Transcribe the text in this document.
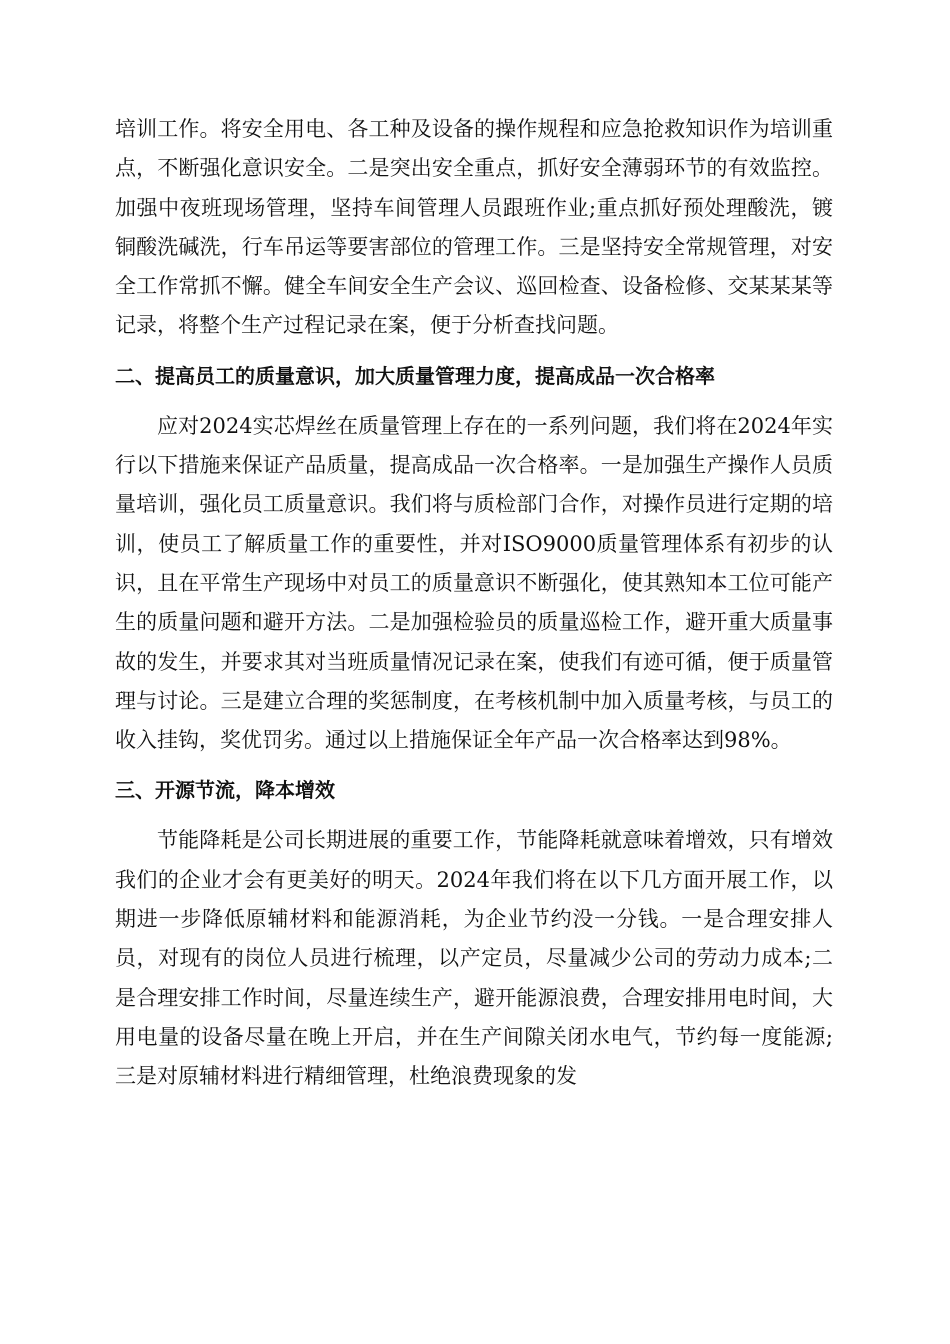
培训工作。将安全用电、各工种及设备的操作规程和应急抢救知识作为培训重点，不断强化意识安全。二是突出安全重点，抓好安全薄弱环节的有效监控。加强中夜班现场管理，坚持车间管理人员跟班作业;重点抓好预处理酸洗，镀铜酸洗碱洗，行车吊运等要害部位的管理工作。三是坚持安全常规管理，对安全工作常抓不懈。健全车间安全生产会议、巡回检查、设备检修、交某某某等记录，将整个生产过程记录在案，便于分析查找问题。

二、提高员工的质量意识，加大质量管理力度，提高成品一次合格率

应对2024实芯焊丝在质量管理上存在的一系列问题，我们将在2024年实行以下措施来保证产品质量，提高成品一次合格率。一是加强生产操作人员质量培训，强化员工质量意识。我们将与质检部门合作，对操作员进行定期的培训，使员工了解质量工作的重要性，并对ISO9000质量管理体系有初步的认识，且在平常生产现场中对员工的质量意识不断强化，使其熟知本工位可能产生的质量问题和避开方法。二是加强检验员的质量巡检工作，避开重大质量事故的发生，并要求其对当班质量情况记录在案，使我们有迹可循，便于质量管理与讨论。三是建立合理的奖惩制度，在考核机制中加入质量考核，与员工的收入挂钩，奖优罚劣。通过以上措施保证全年产品一次合格率达到98%。

三、开源节流，降本增效

节能降耗是公司长期进展的重要工作，节能降耗就意味着增效，只有增效我们的企业才会有更美好的明天。2024年我们将在以下几方面开展工作，以期进一步降低原辅材料和能源消耗，为企业节约没一分钱。一是合理安排人员，对现有的岗位人员进行梳理，以产定员，尽量减少公司的劳动力成本;二是合理安排工作时间，尽量连续生产，避开能源浪费，合理安排用电时间，大用电量的设备尽量在晚上开启，并在生产间隙关闭水电气，节约每一度能源;三是对原辅材料进行精细管理，杜绝浪费现象的发
